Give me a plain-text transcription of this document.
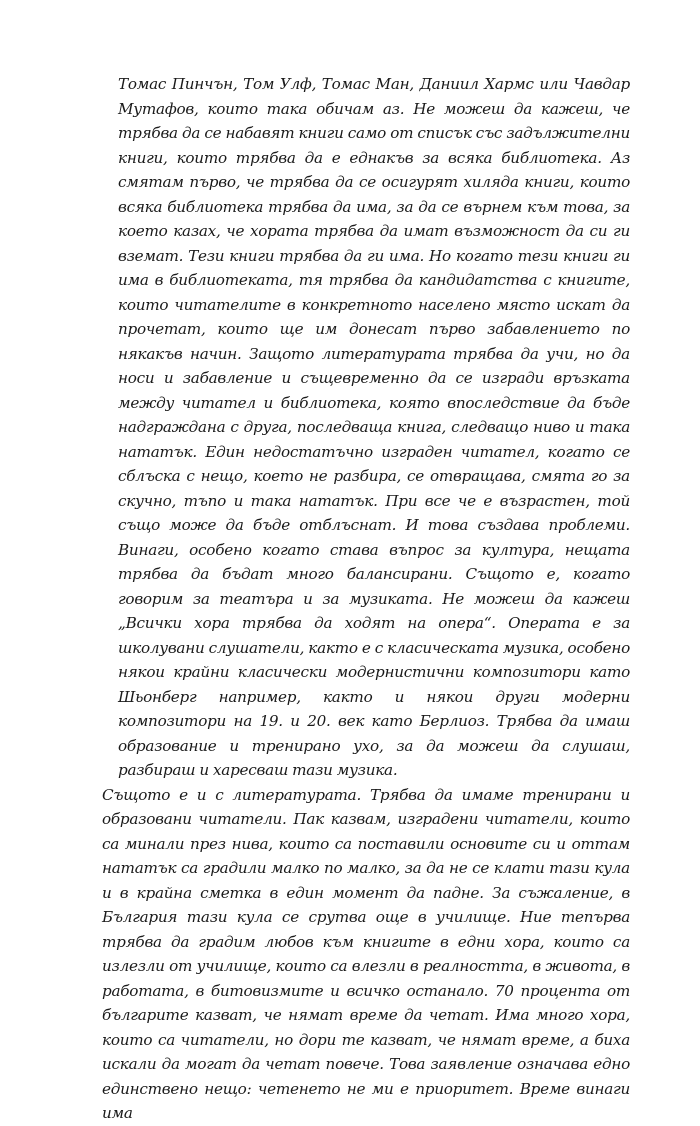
Томас Пинчън, Том Улф, Томас Ман, Даниил Хармс или Чавдар Мутафов, които така обичам аз. Не можеш да кажеш, че трябва да се набавят книги само от списък със задължителни книги, които трябва да е еднакъв за всяка библиотека. Аз смятам първо, че трябва да се осигурят хиляда книги, които всяка библиотека трябва да има, за да се върнем към това, за което казах, че хората трябва да имат възможност да си ги вземат. Тези книги трябва да ги има. Но когато тези книги ги има в библиотеката, тя трябва да кандидатства с книгите, които читателите в конкретното населено място искат да прочетат, които ще им донесат първо забавлението по някакъв начин. Защото литературата трябва да учи, но да носи и забавление и същевременно да се изгради връзката между читател и библиотека, която впоследствие да бъде надграждана с друга, последваща книга, следващо ниво и така нататък. Един недостатъчно изграден читател, когато се сблъска с нещо, което не разбира, се отвращава, смята го за скучно, тъпо и така нататък. При все че е възрастен, той също може да бъде отблъснат. И това създава проблеми. Винаги, особено когато става въпрос за култура, нещата трябва да бъдат много балансирани. Същото е, когато говорим за театъра и за музиката. Не можеш да кажеш „Всички хора трябва да ходят на опера“. Операта е за школувани слушатели, както е с класическата музика, особено някои крайни класически модернистични композитори като Шьонберг например, както и някои други модерни композитори на 19. и 20. век като Берлиоз. Трябва да имаш образование и тренирано ухо, за да можеш да слушаш, разбираш и харесваш тази музика.

Същото е и с литературата. Трябва да имаме тренирани и образовани читатели. Пак казвам, изградени читатели, които са минали през нива, които са поставили основите си и оттам нататък са градили малко по малко, за да не се клати тази кула и в крайна сметка в един момент да падне. За съжаление, в България тази кула се срутва още в училище. Ние тепърва трябва да градим любов към книгите в едни хора, които са излезли от училище, които са влезли в реалността, в живота, в работата, в битовизмите и всичко останало. 70 процента от българите казват, че нямат време да четат. Има много хора, които са читатели, но дори те казват, че нямат време, а биха искали да могат да четат повече. Това заявление означава едно единствено нещо: четенето не ми е приоритет. Време винаги има
